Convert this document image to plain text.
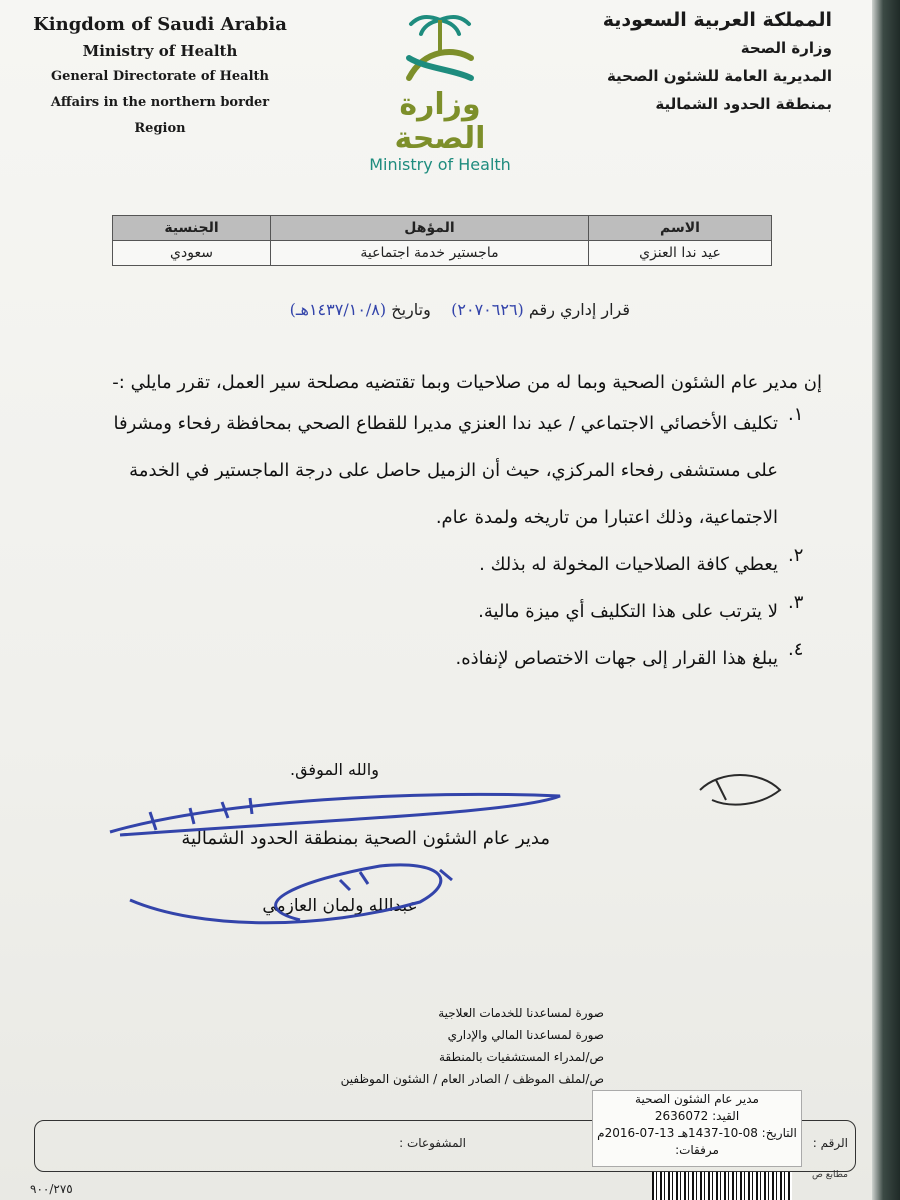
Kingdom of Saudi Arabia
Ministry of Health
General Directorate of Health
Affairs in the northern border Region
وزارة الصحة
Ministry of Health
المملكة العربية السعودية
وزارة الصحة
المديرية العامة للشئون الصحية
بمنطقة الحدود الشمالية
الاسم	المؤهل	الجنسية
عيد ندا العنزي	ماجستير خدمة اجتماعية	سعودي
قرار إداري رقم (٢٠٧٠٦٢٦)    وتاريخ (١٤٣٧/١٠/٨هـ)

إن مدير عام الشئون الصحية وبما له من صلاحيات وبما تقتضيه مصلحة سير العمل، تقرر مايلي :-

١.
تكليف الأخصائي الاجتماعي / عيد ندا العنزي مديرا للقطاع الصحي بمحافظة رفحاء ومشرفا على مستشفى رفحاء المركزي، حيث أن الزميل حاصل على درجة الماجستير في الخدمة الاجتماعية، وذلك اعتبارا من تاريخه ولمدة عام.
٢.
يعطي كافة الصلاحيات المخولة له بذلك .
٣.
لا يترتب على هذا التكليف أي ميزة مالية.
٤.
يبلغ هذا القرار إلى جهات الاختصاص لإنفاذه.
والله الموفق.
مدير عام الشئون الصحية بمنطقة الحدود الشمالية
عبدالله ولمان العازمي
صورة لمساعدنا للخدمات العلاجية
صورة لمساعدنا المالي والإداري
ص/لمدراء المستشفيات بالمنطقة
ص/لملف الموظف / الصادر العام / الشئون الموظفين
الرقم :
المشفوعات :
مدير عام الشئون الصحية
القيد: 2636072
التاريخ: 08-10-1437هـ 13-07-2016م
مرفقات:
٩٠٠/٢٧٥
مطابع ص
